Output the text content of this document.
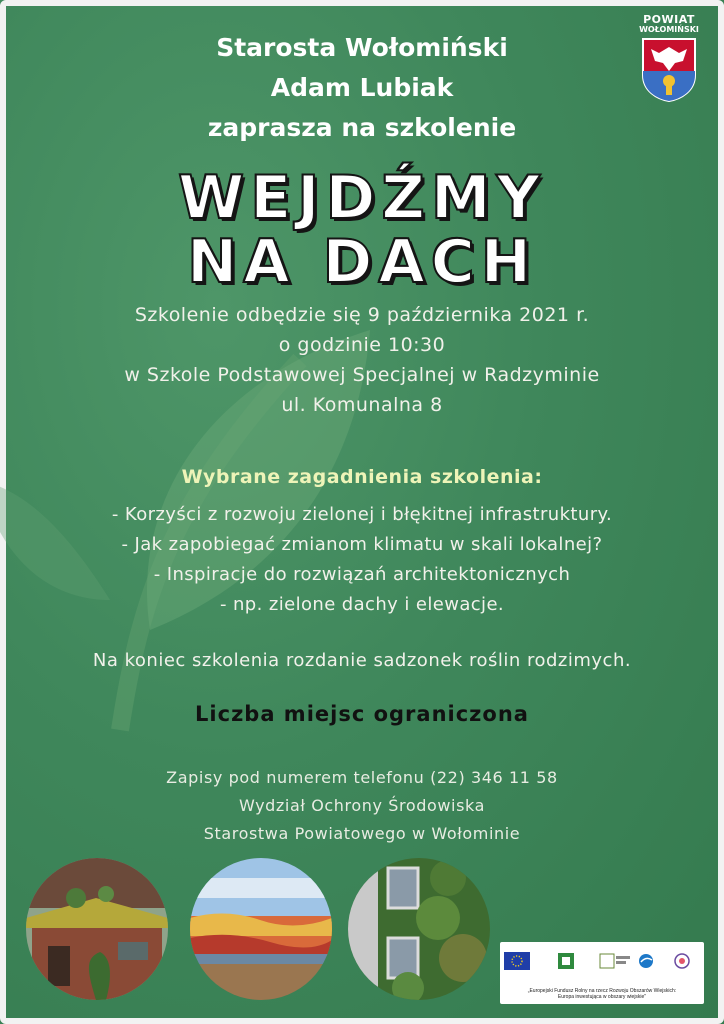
POWIAT
WOŁOMIŃSKI
Starosta Wołomiński
Adam Lubiak
zaprasza na szkolenie
WEJDŹMY
NA DACH
Szkolenie odbędzie się 9 października 2021 r.
o godzinie 10:30
w Szkole Podstawowej Specjalnej w Radzyminie
ul. Komunalna 8
Wybrane zagadnienia szkolenia:
- Korzyści z rozwoju zielonej i błękitnej infrastruktury.
- Jak zapobiegać zmianom klimatu w skali lokalnej?
- Inspiracje do rozwiązań architektonicznych
- np. zielone dachy i elewacje.
Na koniec szkolenia rozdanie sadzonek roślin rodzimych.
Liczba miejsc ograniczona
Zapisy pod numerem telefonu (22) 346 11 58
Wydział Ochrony Środowiska
Starostwa Powiatowego w Wołominie
„Europejski Fundusz Rolny na rzecz Rozwoju Obszarów Wiejskich:
Europa inwestująca w obszary wiejskie"
